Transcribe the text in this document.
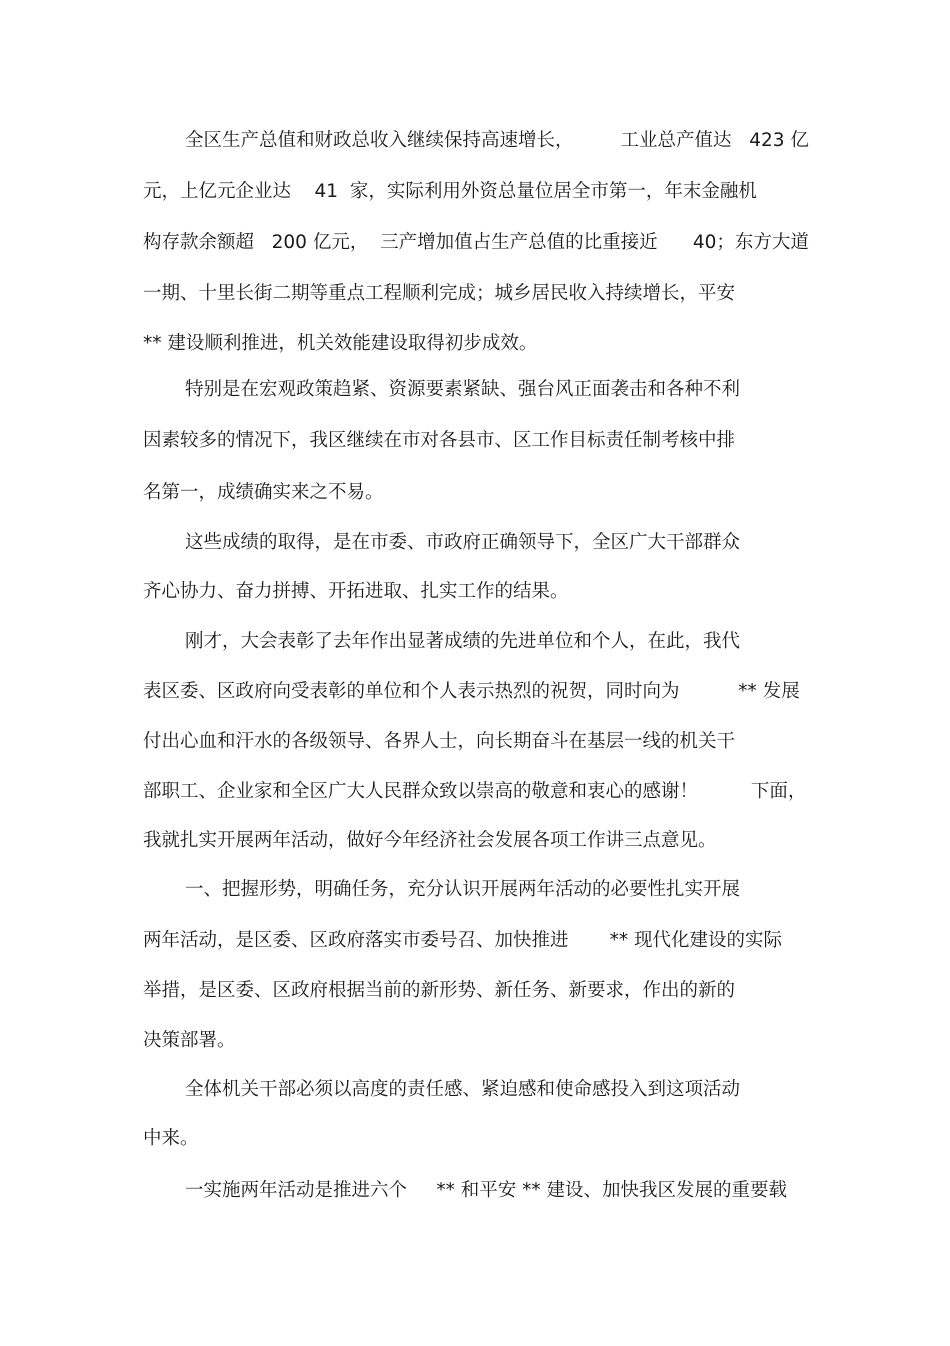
全区生产总值和财政总收入继续保持高速增长，        工业总产值达   423 亿
元，上亿元企业达    41  家，实际利用外资总量位居全市第一，年末金融机
构存款余额超   200 亿元，  三产增加值占生产总值的比重接近      40；东方大道
一期、十里长街二期等重点工程顺利完成；城乡居民收入持续增长，平安
** 建设顺利推进，机关效能建设取得初步成效。
特别是在宏观政策趋紧、资源要素紧缺、强台风正面袭击和各种不利
因素较多的情况下，我区继续在市对各县市、区工作目标责任制考核中排
名第一，成绩确实来之不易。
这些成绩的取得，是在市委、市政府正确领导下，全区广大干部群众
齐心协力、奋力拼搏、开拓进取、扎实工作的结果。
刚才，大会表彰了去年作出显著成绩的先进单位和个人，在此，我代
表区委、区政府向受表彰的单位和个人表示热烈的祝贺，同时向为          ** 发展
付出心血和汗水的各级领导、各界人士，向长期奋斗在基层一线的机关干
部职工、企业家和全区广大人民群众致以崇高的敬意和衷心的感谢！         下面，
我就扎实开展两年活动，做好今年经济社会发展各项工作讲三点意见。
一、把握形势，明确任务，充分认识开展两年活动的必要性扎实开展
两年活动，是区委、区政府落实市委号召、加快推进       ** 现代化建设的实际
举措，是区委、区政府根据当前的新形势、新任务、新要求，作出的新的
决策部署。
全体机关干部必须以高度的责任感、紧迫感和使命感投入到这项活动
中来。
一实施两年活动是推进六个     ** 和平安 ** 建设、加快我区发展的重要载
